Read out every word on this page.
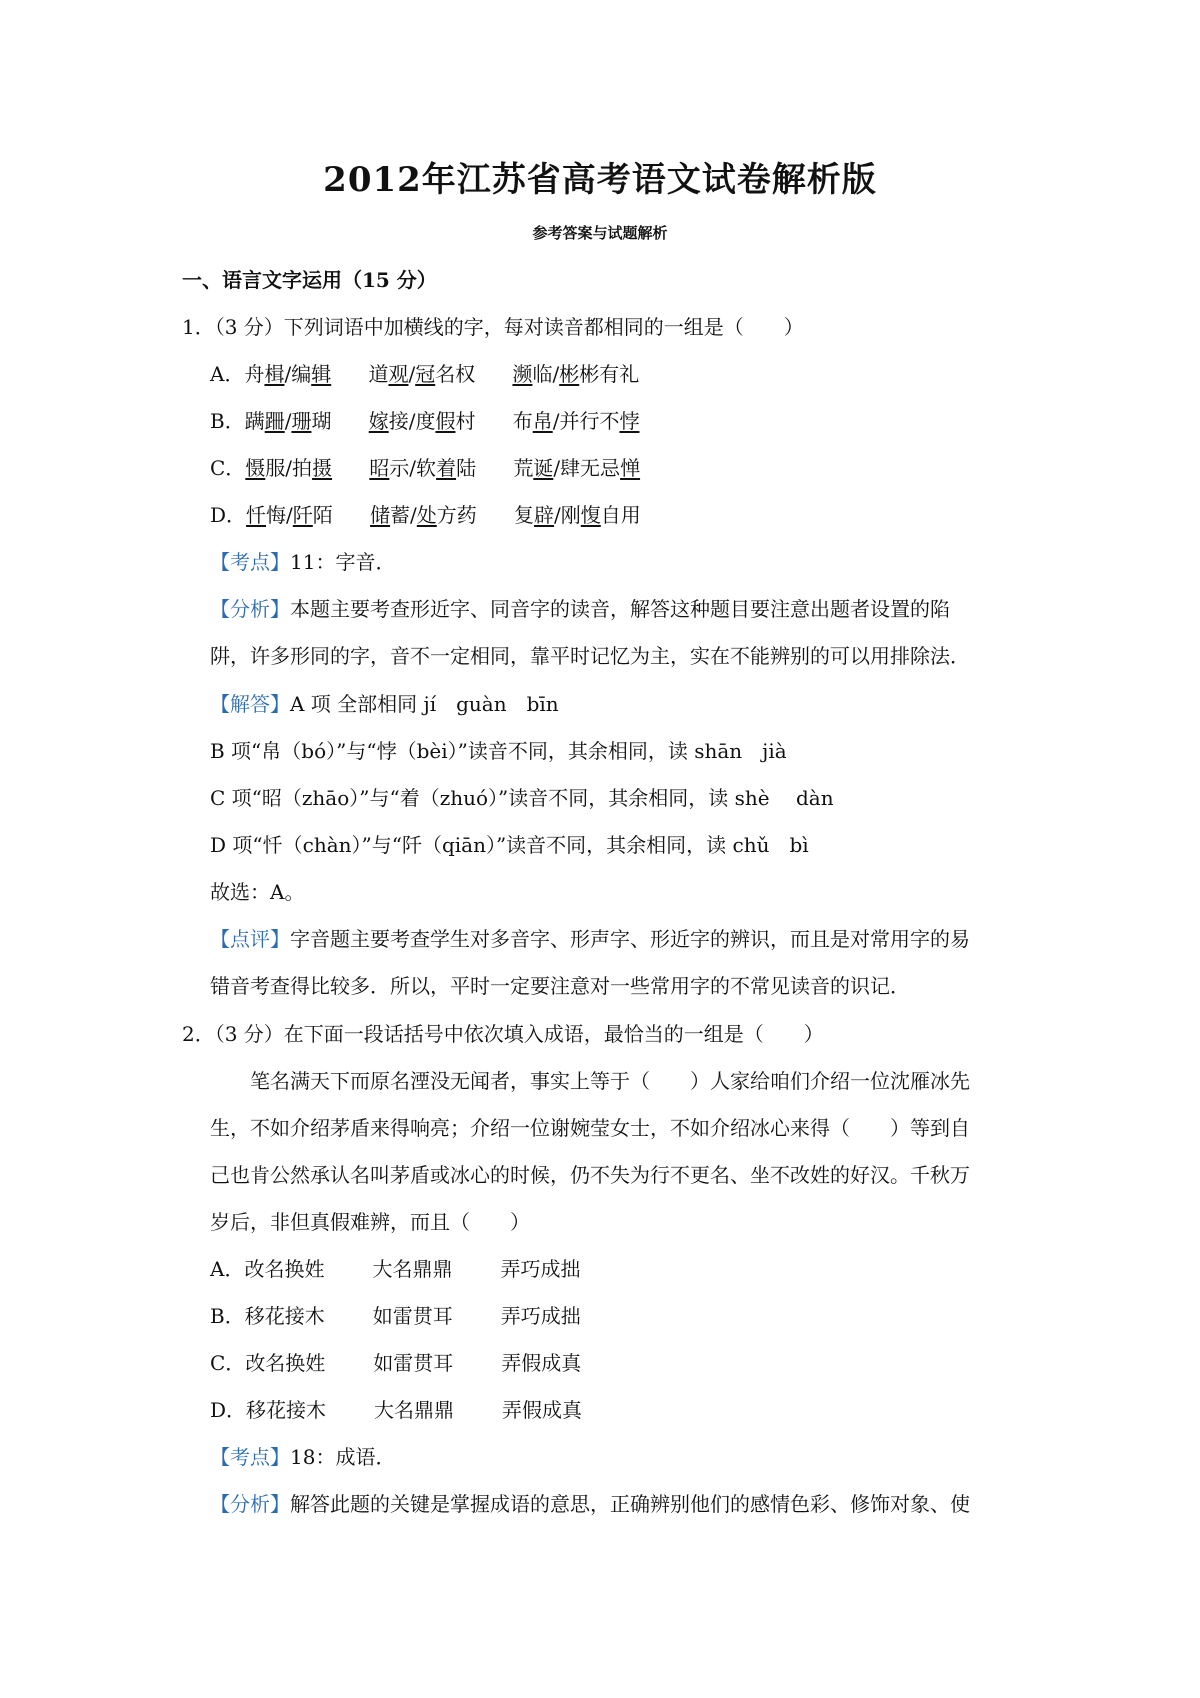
2012年江苏省高考语文试卷解析版
参考答案与试题解析
一、语言文字运用（15 分）
1．（3 分）下列词语中加横线的字，每对读音都相同的一组是（　　）
A．舟楫/编辑 道观/冠名权 濒临/彬彬有礼
B．蹒跚/珊瑚 嫁接/度假村 布帛/并行不悖
C．慑服/拍摄 昭示/软着陆 荒诞/肆无忌惮
D．忏悔/阡陌 储蓄/处方药 复辟/刚愎自用
【考点】11：字音．
【分析】本题主要考查形近字、同音字的读音，解答这种题目要注意出题者设置的陷
阱，许多形同的字，音不一定相同，靠平时记忆为主，实在不能辨别的可以用排除法．
【解答】A 项 全部相同 jí　guàn　bīn
B 项“帛（bó）”与“悖（bèi）”读音不同，其余相同，读 shān　jià
C 项“昭（zhāo）”与“着（zhuó）”读音不同，其余相同，读 shè　 dàn
D 项“忏（chàn）”与“阡（qiān）”读音不同，其余相同，读 chǔ　bì
故选：A。
【点评】字音题主要考查学生对多音字、形声字、形近字的辨识，而且是对常用字的易
错音考查得比较多．所以，平时一定要注意对一些常用字的不常见读音的识记．
2．（3 分）在下面一段话括号中依次填入成语，最恰当的一组是（　　）
笔名满天下而原名湮没无闻者，事实上等于（　　）人家给咱们介绍一位沈雁冰先
生，不如介绍茅盾来得响亮；介绍一位谢婉莹女士，不如介绍冰心来得（　　）等到自
己也肯公然承认名叫茅盾或冰心的时候，仍不失为行不更名、坐不改姓的好汉。千秋万
岁后，非但真假难辨，而且（　　）
A．改名换姓 大名鼎鼎 弄巧成拙
B．移花接木 如雷贯耳 弄巧成拙
C．改名换姓 如雷贯耳 弄假成真
D．移花接木 大名鼎鼎 弄假成真
【考点】18：成语．
【分析】解答此题的关键是掌握成语的意思，正确辨别他们的感情色彩、修饰对象、使
